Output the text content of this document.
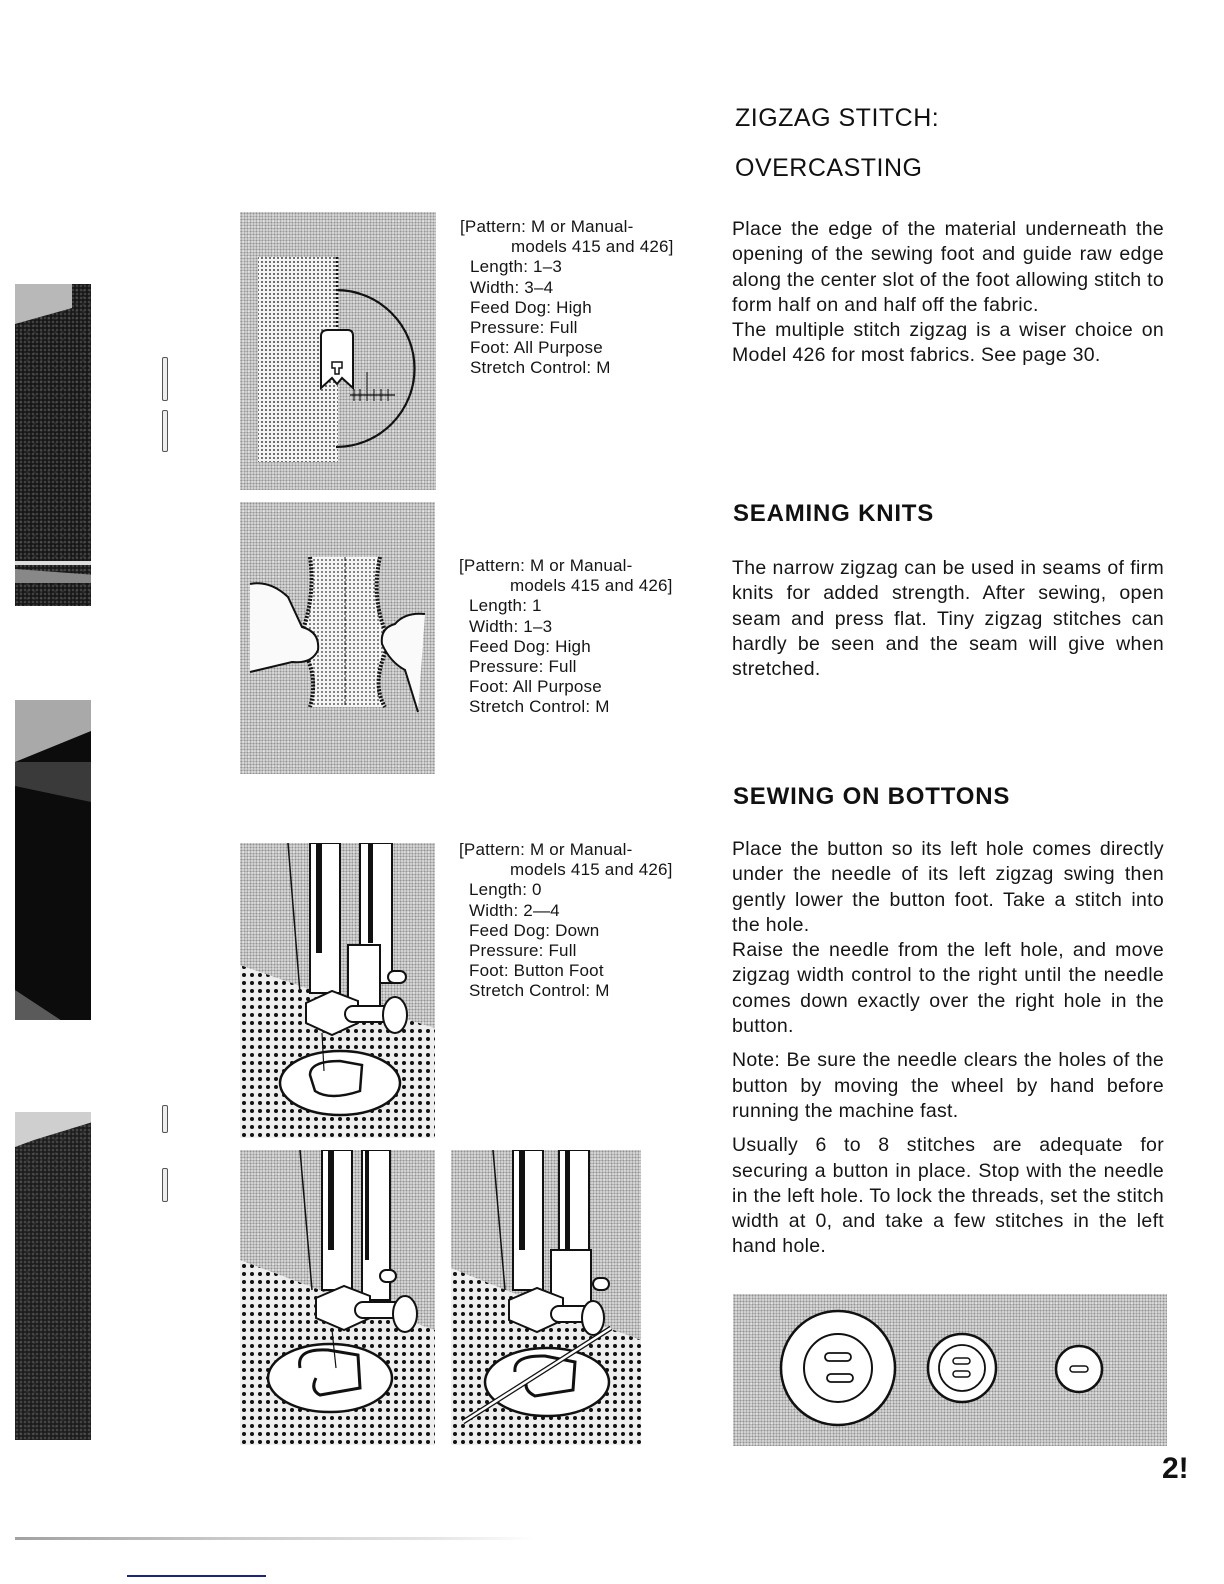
ZIGZAG STITCH:
OVERCASTING
[Pattern: M or Manual-
models 415 and 426]
Length: 1–3
Width: 3–4
Feed Dog: High
Pressure: Full
Foot: All Purpose
Stretch Control: M

Place the edge of the material underneath the opening of the sewing foot and guide raw edge along the center slot of the foot allowing stitch to form half on and half off the fabric.

The multiple stitch zigzag is a wiser choice on Model 426 for most fabrics. See page 30.

SEAMING KNITS
[Pattern: M or Manual-
models 415 and 426]
Length: 1
Width: 1–3
Feed Dog: High
Pressure: Full
Foot: All Purpose
Stretch Control: M

The narrow zigzag can be used in seams of firm knits for added strength. After sewing, open seam and press flat. Tiny zigzag stitches can hardly be seen and the seam will give when stretched.

SEWING ON BOTTONS
[Pattern: M or Manual-
models 415 and 426]
Length: 0
Width: 2—4
Feed Dog: Down
Pressure: Full
Foot: Button Foot
Stretch Control: M

Place the button so its left hole comes directly under the needle of its left zigzag swing then gently lower the button foot. Take a stitch into the hole.

Raise the needle from the left hole, and move zigzag width control to the right until the needle comes down exactly over the right hole in the button.

Note: Be sure the needle clears the holes of the button by moving the wheel by hand before running the machine fast.

Usually 6 to 8 stitches are adequate for securing a button in place. Stop with the needle in the left hole. To lock the threads, set the stitch width at 0, and take a few stitches in the left hand hole.

2!
